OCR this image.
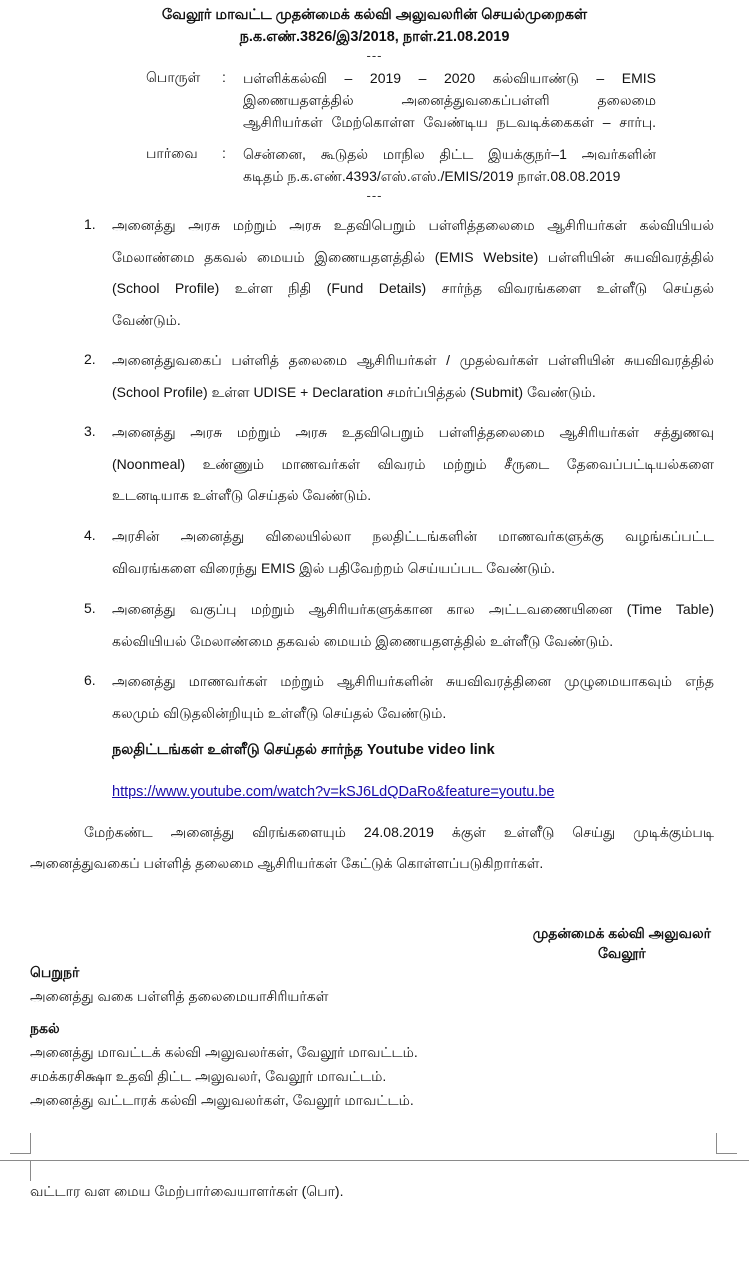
வேலூர் மாவட்ட முதன்மைக் கல்வி அலுவலரின் செயல்முறைகள்
ந.க.எண்.3826/இ3/2018, நாள்.21.08.2019
---
பொருள் : பள்ளிக்கல்வி – 2019 – 2020 கல்வியாண்டு – EMIS
இணையதளத்தில் அனைத்துவகைப்பள்ளி தலைமை
ஆசிரியர்கள் மேற்கொள்ள வேண்டிய நடவடிக்கைகள் – சார்பு.
பார்வை : சென்னை, கூடுதல் மாநில திட்ட இயக்குநர்–1 அவர்களின்
கடிதம் ந.க.எண்.4393/எஸ்.எஸ்./EMIS/2019 நாள்.08.08.2019
---
1.	அனைத்து அரசு மற்றும் அரசு உதவிபெறும் பள்ளித்தலைமை ஆசிரியர்கள் கல்வியியல்
மேலாண்மை தகவல் மையம் இணையதளத்தில் (EMIS Website) பள்ளியின் சுயவிவரத்தில்
(School Profile) உள்ள நிதி (Fund Details) சார்ந்த விவரங்களை உள்ளீடு செய்தல்
வேண்டும்.
2.	அனைத்துவகைப் பள்ளித் தலைமை ஆசிரியர்கள் / முதல்வர்கள் பள்ளியின் சுயவிவரத்தில்
(School Profile) உள்ள UDISE + Declaration சமர்ப்பித்தல் (Submit) வேண்டும்.
3.	அனைத்து அரசு மற்றும் அரசு உதவிபெறும் பள்ளித்தலைமை ஆசிரியர்கள் சத்துணவு
(Noonmeal) உண்ணும் மாணவர்கள் விவரம் மற்றும் சீருடை தேவைப்பட்டியல்களை
உடனடியாக உள்ளீடு செய்தல் வேண்டும்.
4.	அரசின் அனைத்து விலையில்லா நலதிட்டங்களின் மாணவர்களுக்கு வழங்கப்பட்ட
விவரங்களை விரைந்து EMIS இல் பதிவேற்றம் செய்யப்பட வேண்டும்.
5.	அனைத்து வகுப்பு மற்றும் ஆசிரியர்களுக்கான கால அட்டவணையினை (Time Table)
கல்வியியல் மேலாண்மை தகவல் மையம் இணையதளத்தில் உள்ளீடு வேண்டும்.
6.	அனைத்து மாணவர்கள் மற்றும் ஆசிரியர்களின் சுயவிவரத்தினை முழுமையாகவும் எந்த
கலமும் விடுதலின்றியும் உள்ளீடு செய்தல் வேண்டும்.
நலதிட்டங்கள் உள்ளீடு செய்தல் சார்ந்த Youtube video link
https://www.youtube.com/watch?v=kSJ6LdQDaRo&feature=youtu.be
மேற்கண்ட அனைத்து விரங்களையும் 24.08.2019 க்குள் உள்ளீடு செய்து முடிக்கும்படி
அனைத்துவகைப் பள்ளித் தலைமை ஆசிரியர்கள் கேட்டுக் கொள்ளப்படுகிறார்கள்.
முதன்மைக் கல்வி அலுவலர்
வேலூர்
பெறுநர்
அனைத்து வகை பள்ளித் தலைமையாசிரியர்கள்
நகல்
அனைத்து மாவட்டக் கல்வி அலுவலர்கள், வேலூர் மாவட்டம்.
சமக்கரசிக்ஷா உதவி திட்ட அலுவலர், வேலூர் மாவட்டம்.
அனைத்து வட்டாரக் கல்வி அலுவலர்கள், வேலூர் மாவட்டம்.
வட்டார வள மைய மேற்பார்வையாளர்கள் (பொ).
